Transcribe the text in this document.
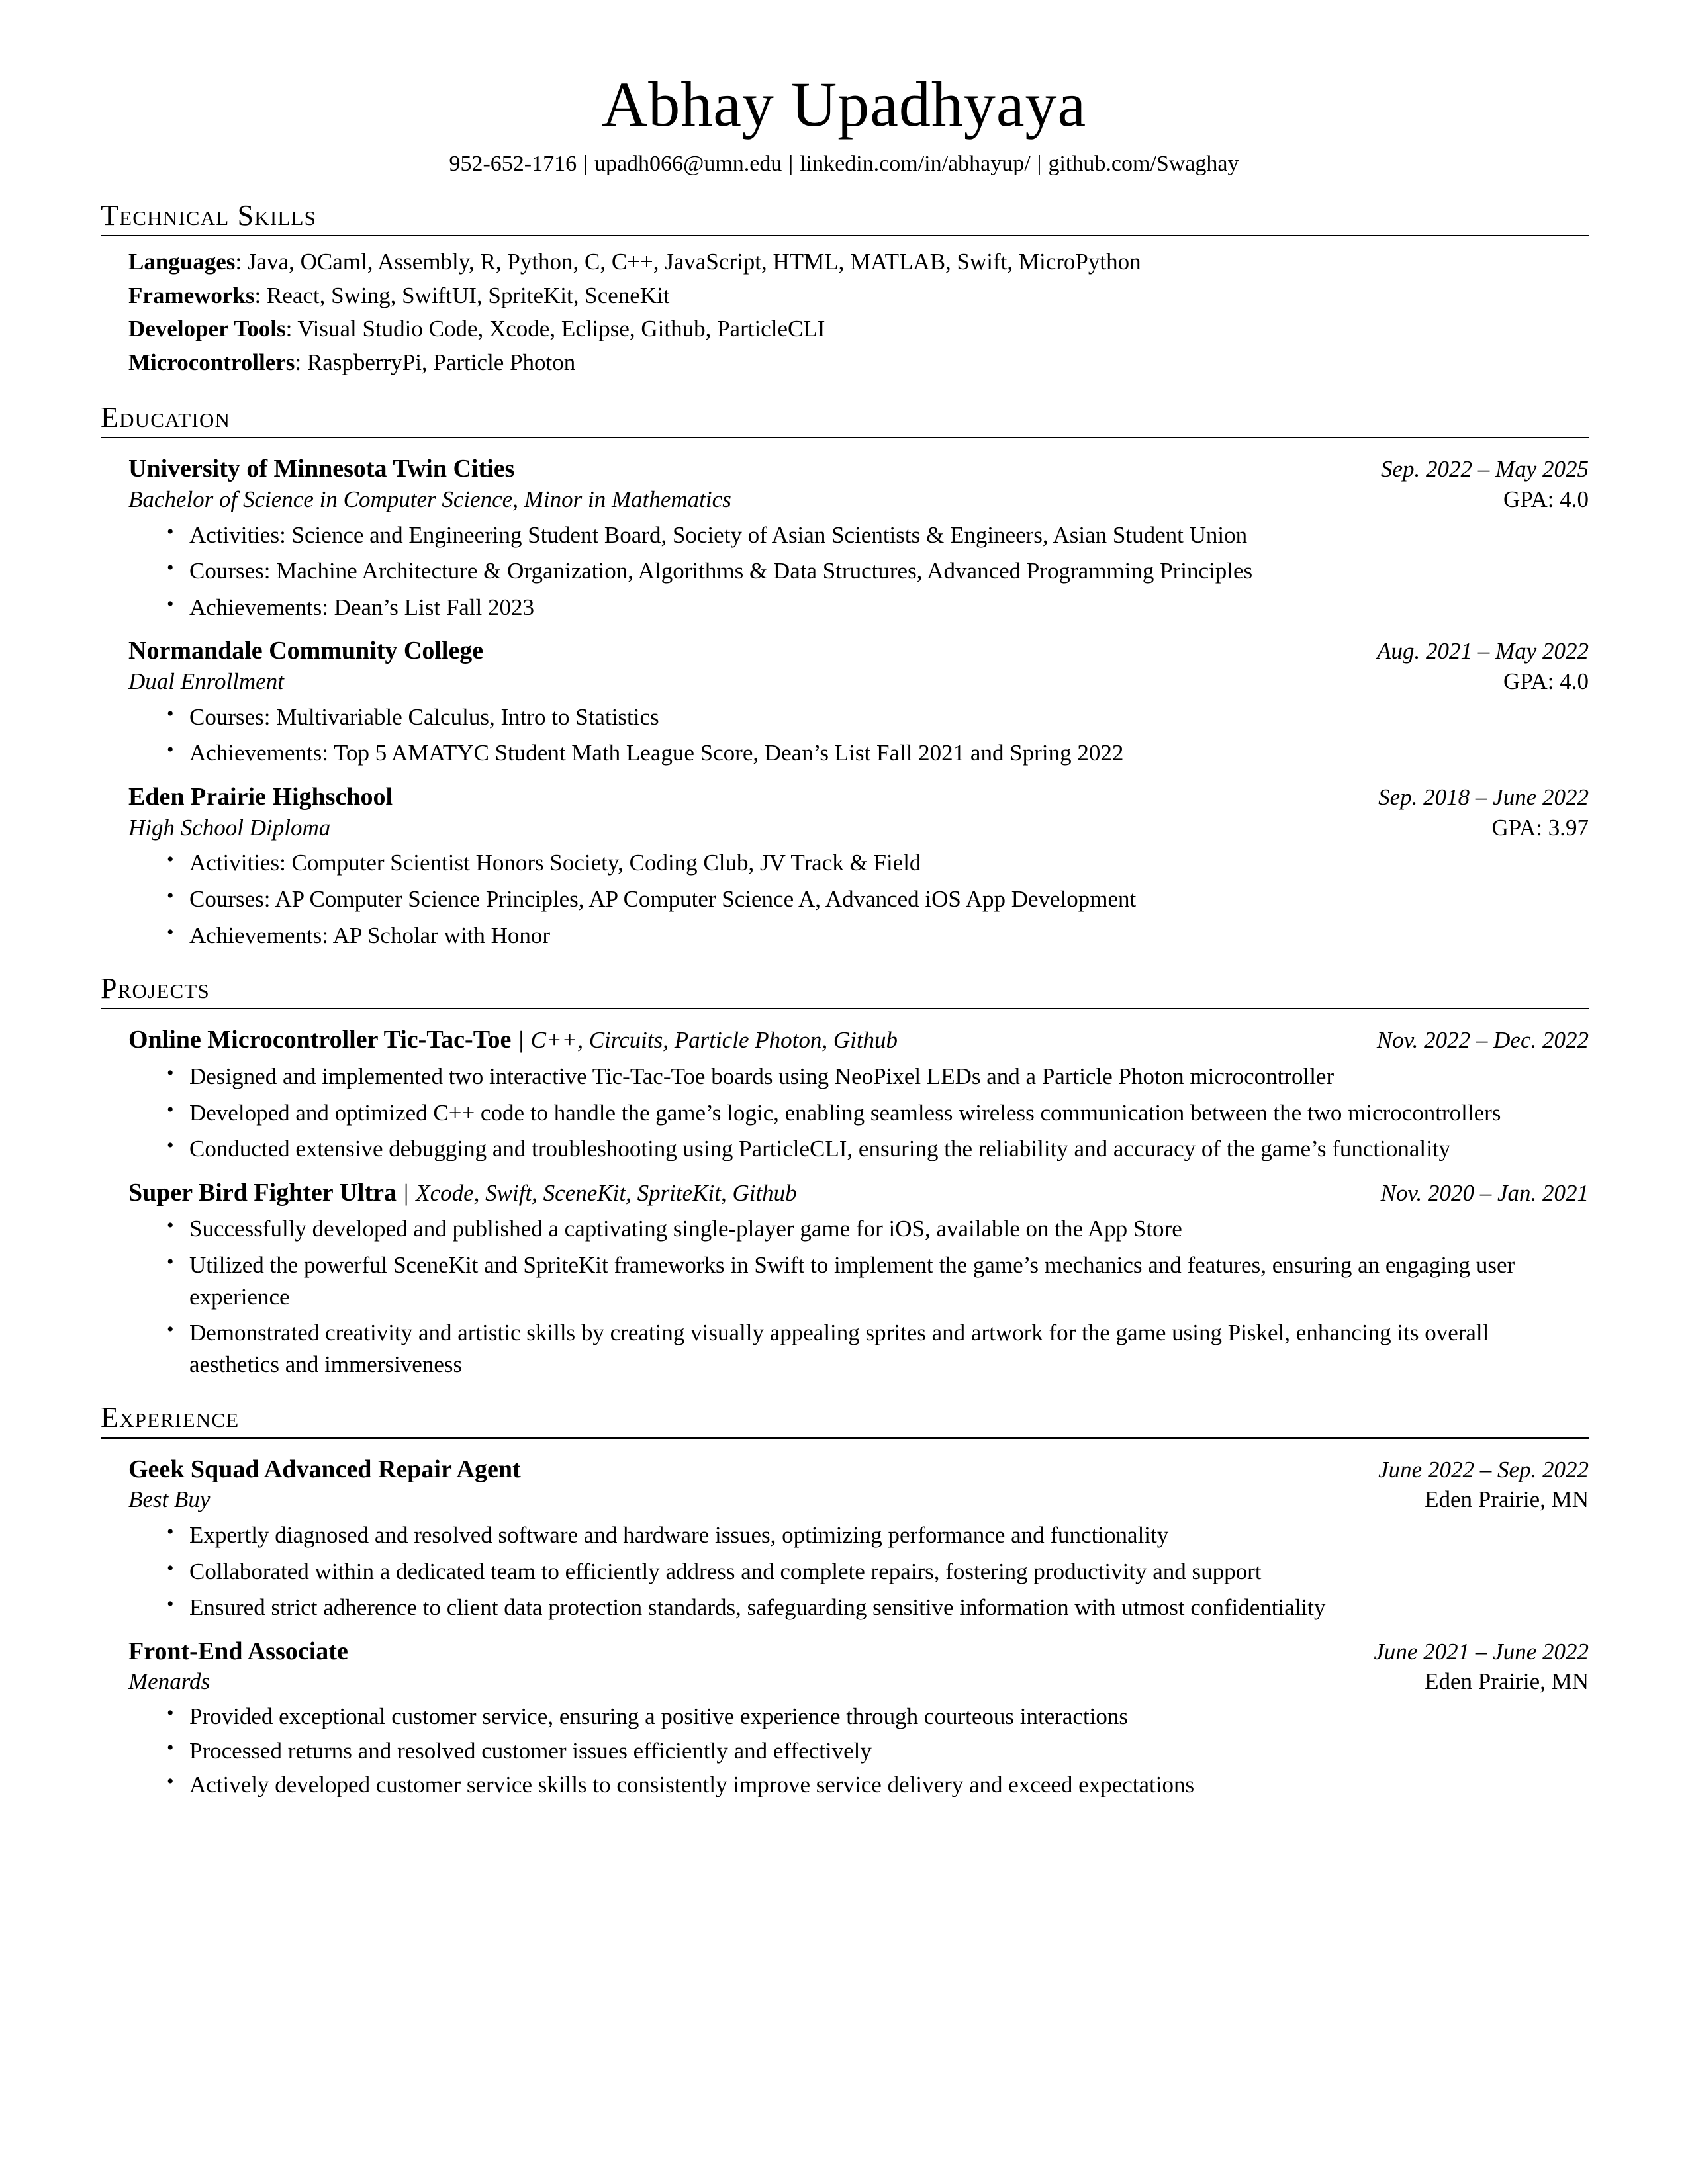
Abhay Upadhyaya
952-652-1716 | upadh066@umn.edu | linkedin.com/in/abhayup/ | github.com/Swaghay
Technical Skills
Languages: Java, OCaml, Assembly, R, Python, C, C++, JavaScript, HTML, MATLAB, Swift, MicroPython
Frameworks: React, Swing, SwiftUI, SpriteKit, SceneKit
Developer Tools: Visual Studio Code, Xcode, Eclipse, Github, ParticleCLI
Microcontrollers: RaspberryPi, Particle Photon
Education
University of Minnesota Twin Cities	Sep. 2022 – May 2025
Bachelor of Science in Computer Science, Minor in Mathematics	GPA: 4.0
• Activities: Science and Engineering Student Board, Society of Asian Scientists & Engineers, Asian Student Union
• Courses: Machine Architecture & Organization, Algorithms & Data Structures, Advanced Programming Principles
• Achievements: Dean’s List Fall 2023
Normandale Community College	Aug. 2021 – May 2022
Dual Enrollment	GPA: 4.0
• Courses: Multivariable Calculus, Intro to Statistics
• Achievements: Top 5 AMATYC Student Math League Score, Dean’s List Fall 2021 and Spring 2022
Eden Prairie Highschool	Sep. 2018 – June 2022
High School Diploma	GPA: 3.97
• Activities: Computer Scientist Honors Society, Coding Club, JV Track & Field
• Courses: AP Computer Science Principles, AP Computer Science A, Advanced iOS App Development
• Achievements: AP Scholar with Honor
Projects
Online Microcontroller Tic-Tac-Toe | C++, Circuits, Particle Photon, Github	Nov. 2022 – Dec. 2022
• Designed and implemented two interactive Tic-Tac-Toe boards using NeoPixel LEDs and a Particle Photon microcontroller
• Developed and optimized C++ code to handle the game’s logic, enabling seamless wireless communication between the two microcontrollers
• Conducted extensive debugging and troubleshooting using ParticleCLI, ensuring the reliability and accuracy of the game’s functionality
Super Bird Fighter Ultra | Xcode, Swift, SceneKit, SpriteKit, Github	Nov. 2020 – Jan. 2021
• Successfully developed and published a captivating single-player game for iOS, available on the App Store
• Utilized the powerful SceneKit and SpriteKit frameworks in Swift to implement the game’s mechanics and features, ensuring an engaging user experience
• Demonstrated creativity and artistic skills by creating visually appealing sprites and artwork for the game using Piskel, enhancing its overall aesthetics and immersiveness
Experience
Geek Squad Advanced Repair Agent	June 2022 – Sep. 2022
Best Buy	Eden Prairie, MN
• Expertly diagnosed and resolved software and hardware issues, optimizing performance and functionality
• Collaborated within a dedicated team to efficiently address and complete repairs, fostering productivity and support
• Ensured strict adherence to client data protection standards, safeguarding sensitive information with utmost confidentiality
Front-End Associate	June 2021 – June 2022
Menards	Eden Prairie, MN
• Provided exceptional customer service, ensuring a positive experience through courteous interactions
• Processed returns and resolved customer issues efficiently and effectively
• Actively developed customer service skills to consistently improve service delivery and exceed expectations
